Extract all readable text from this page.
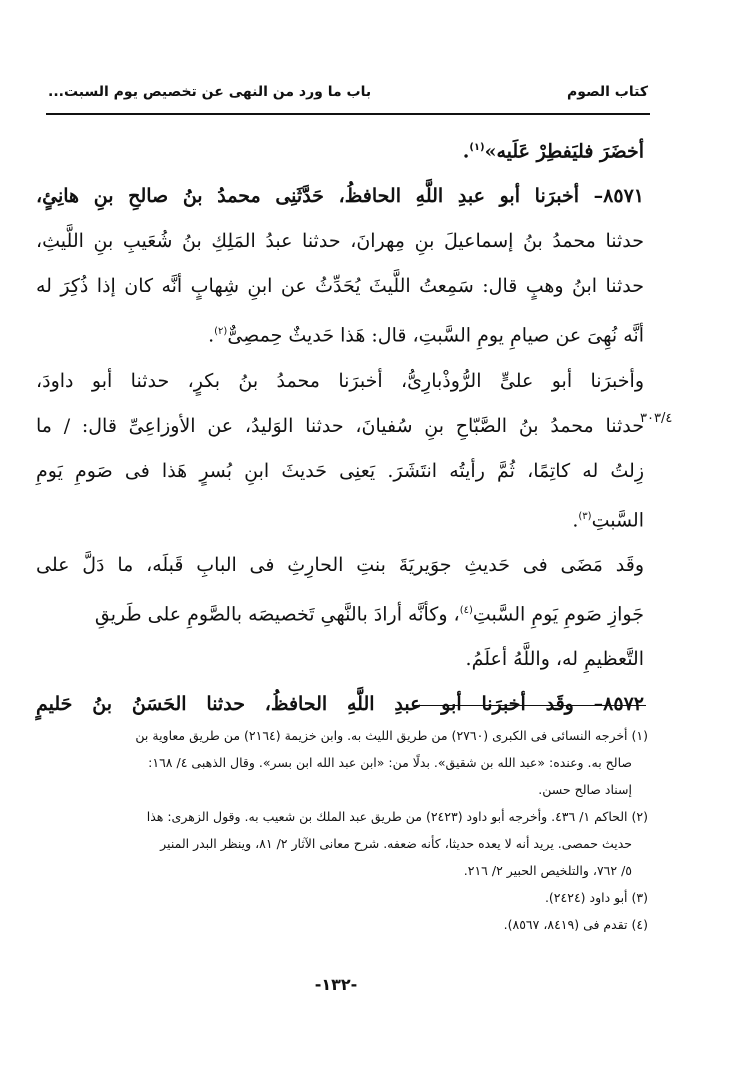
كتاب الصوم
باب ما ورد من النهى عن تخصيص يوم السبت...
أخضَرَ فليَفطِرْ عَلَيه»$^{(١)}$.
٨٥٧١– أخبرَنا أبو عبدِ اللَّهِ الحافظُ، حَدَّثَنِى محمدُ بنُ صالحِ بنِ هانِئٍ،
حدثنا محمدُ بنُ إسماعيلَ بنِ مِهرانَ، حدثنا عبدُ المَلِكِ بنُ شُعَيبِ بنِ اللَّيثِ،
حدثنا ابنُ وهبٍ قال: سَمِعتُ اللَّيثَ يُحَدِّثُ عن ابنِ شِهابٍ أنَّه كان إذا ذُكِرَ له
أنَّه نُهِىَ عن صيامِ يومِ السَّبتِ، قال: هَذا حَديثٌ حِمصِىٌّ$^{(٢)}$.
وأخبرَنا أبو علىٍّ الرُّوذْبارِىُّ، أخبرَنا محمدُ بنُ بكرٍ، حدثنا أبو داودَ،
حدثنا محمدُ بنُ الصَّبّاحِ بنِ سُفيانَ، حدثنا الوَليدُ، عن الأوزاعِىِّ قال: / ما
زِلتُ له كاتِمًا، ثُمَّ رأيتُه انتَشَرَ. يَعنِى حَديثَ ابنِ بُسرٍ هَذا فى صَومِ يَومِ
السَّبتِ$^{(٣)}$.
وقَد مَضَى فى حَديثِ جوَيريَةَ بنتِ الحارِثِ فى البابِ قَبلَه، ما دَلَّ على
جَوازِ صَومِ يَومِ السَّبتِ$^{(٤)}$، وكأنَّه أرادَ بالنَّهىِ تَخصيصَه بالصَّومِ على طَريقِ
التَّعظيمِ له، واللَّهُ أعلَمُ.
٨٥٧٢– وقَد أخبرَنا أبو عبدِ اللَّهِ الحافظُ، حدثنا الحَسَنُ بنُ حَليمٍ
٣٠٣/٤
(١) أخرجه النسائى فى الكبرى (٢٧٦٠) من طريق الليث به. وابن خزيمة (٢١٦٤) من طريق معاوية بن
صالح به. وعنده: «عبد الله بن شقيق». بدلًا من: «ابن عبد الله ابن بسر». وقال الذهبى ٤/ ١٦٨:
إسناد صالح حسن.
(٢) الحاكم ١/ ٤٣٦. وأخرجه أبو داود (٢٤٢٣) من طريق عبد الملك بن شعيب به. وقول الزهرى: هذا
حديث حمصى. يريد أنه لا يعده حديثا، كأنه ضعفه. شرح معانى الآثار ٢/ ٨١، وينظر البدر المنير
٥/ ٧٦٢، والتلخيص الحبير ٢/ ٢١٦.
(٣) أبو داود (٢٤٢٤).
(٤) تقدم فى (٨٤١٩، ٨٥٦٧).
-١٣٢-
